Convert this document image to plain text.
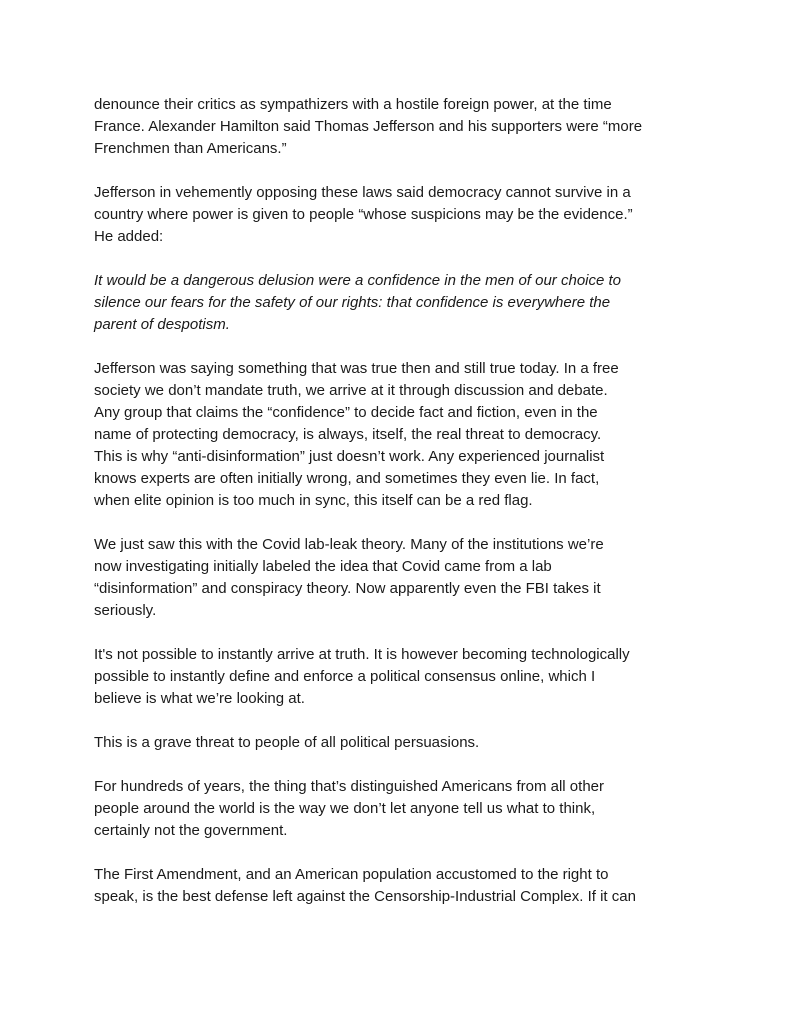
denounce their critics as sympathizers with a hostile foreign power, at the time
France. Alexander Hamilton said Thomas Jefferson and his supporters were “more
Frenchmen than Americans.”

Jefferson in vehemently opposing these laws said democracy cannot survive in a
country where power is given to people “whose suspicions may be the evidence.”
He added:

It would be a dangerous delusion were a confidence in the men of our choice to
silence our fears for the safety of our rights: that confidence is everywhere the
parent of despotism.

Jefferson was saying something that was true then and still true today. In a free
society we don’t mandate truth, we arrive at it through discussion and debate.
Any group that claims the “confidence” to decide fact and fiction, even in the
name of protecting democracy, is always, itself, the real threat to democracy.
This is why “anti-disinformation” just doesn’t work. Any experienced journalist
knows experts are often initially wrong, and sometimes they even lie. In fact,
when elite opinion is too much in sync, this itself can be a red flag.

We just saw this with the Covid lab-leak theory. Many of the institutions we’re
now investigating initially labeled the idea that Covid came from a lab
“disinformation” and conspiracy theory. Now apparently even the FBI takes it
seriously.

It's not possible to instantly arrive at truth. It is however becoming technologically
possible to instantly define and enforce a political consensus online, which I
believe is what we’re looking at.

This is a grave threat to people of all political persuasions.

For hundreds of years, the thing that’s distinguished Americans from all other
people around the world is the way we don’t let anyone tell us what to think,
certainly not the government.

The First Amendment, and an American population accustomed to the right to
speak, is the best defense left against the Censorship-Industrial Complex. If it can
